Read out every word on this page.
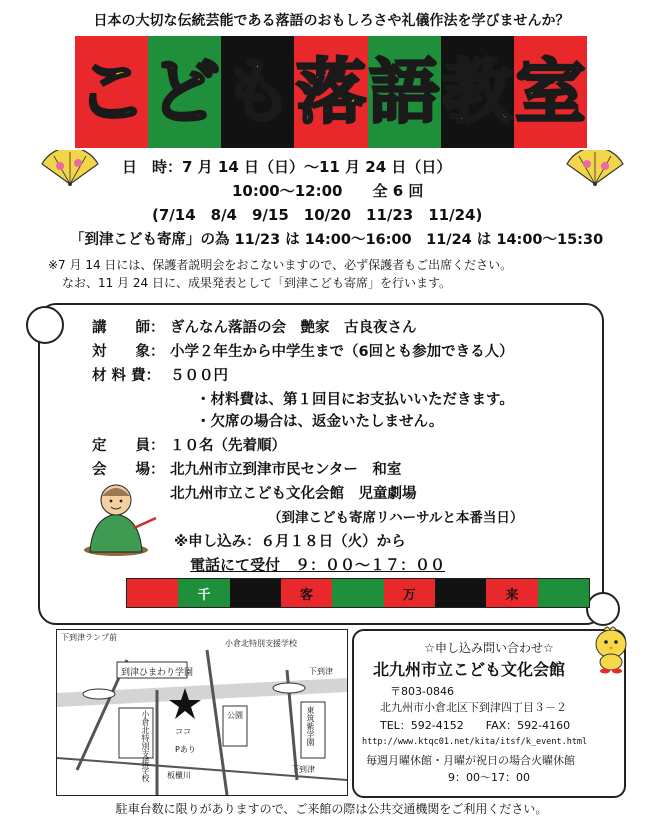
日本の大切な伝統芸能である落語のおもしろさや礼儀作法を学びませんか？
こ ど も 落 語 教 室
日　時：7 月 14 日（日）～11 月 24 日（日）
10:00～12:00　　全 6 回
(7/14　8/4　9/15　10/20　11/23　11/24)
「到津こども寄席」の為 11/23 は 14:00～16:00　11/24 は 14:00～15:30
※7 月 14 日には、保護者説明会をおこないますので、必ず保護者もご出席ください。
なお、11 月 24 日に、成果発表として「到津こども寄席」を行います。
講　　師： ぎんなん落語の会　艶家　古良夜さん
対　　象： 小学２年生から中学生まで（6回とも参加できる人）
材 料 費： ５００円
・材料費は、第１回目にお支払いいただきます。
・欠席の場合は、返金いたしません。
定　　員： １０名（先着順）
会　　場： 北九州市立到津市民センター　和室
北九州市立こども文化会館　児童劇場
（到津こども寄席リハーサルと本番当日）
※申し込み：６月１８日（火）から
電話にて受付　９：００～１７：００
千	客	万	来
下到津ランプ前
小倉北特別支援学校
下到津
到津ひまわり学園
小倉北特別支援学校	ココ
Pあり
公園	東筑紫学園
板櫃川
下到津
☆申し込み問い合わせ☆
北九州市立こども文化会館
〒803-0846
北九州市小倉北区下到津四丁目３－２
TEL：592-4152　　FAX：592-4160
http://www.ktqc01.net/kita/itsf/k_event.html
毎週月曜休館・月曜が祝日の場合火曜休館
9：00～17：00
駐車台数に限りがありますので、ご来館の際は公共交通機関をご利用ください。
